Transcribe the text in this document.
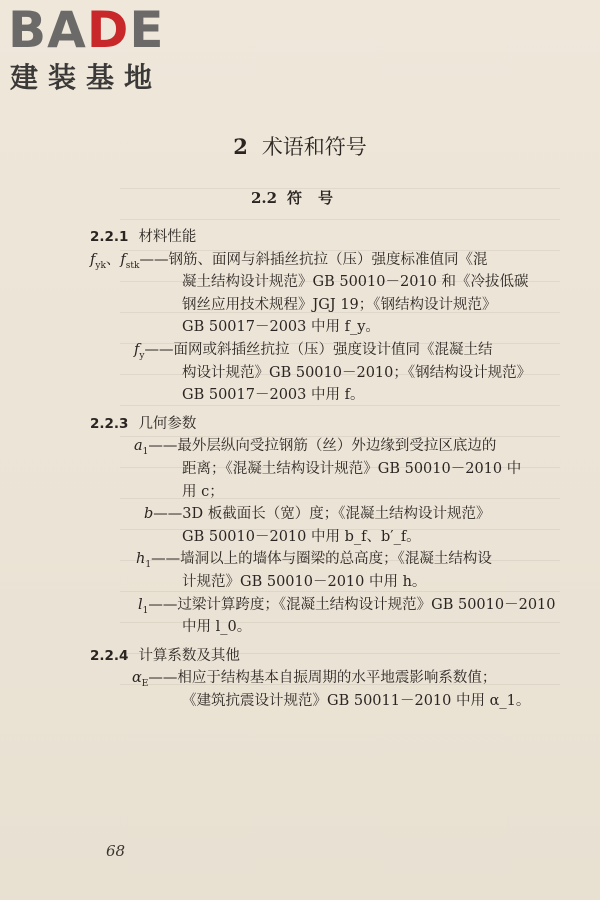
BADE
建装基地
2 术语和符号
2.2 符号
2.2.1 材料性能
$f_{yk}$、$f_{stk}——$钢筋、面网与斜插丝抗拉（压）强度标准值同《混
凝土结构设计规范》GB 50010－2010 和《冷拔低碳
钢丝应用技术规程》JGJ 19；《钢结构设计规范》
GB 50017－2003 中用 f_y。
$f_y——$面网或斜插丝抗拉（压）强度设计值同《混凝土结
构设计规范》GB 50010－2010；《钢结构设计规范》
GB 50017－2003 中用 f。
2.2.3 几何参数
$a_1——$最外层纵向受拉钢筋（丝）外边缘到受拉区底边的
距离；《混凝土结构设计规范》GB 50010－2010 中
用 c；
b——3D 板截面长（宽）度；《混凝土结构设计规范》
GB 50010－2010 中用 b_f、b′_f。
$h_1——$墙洞以上的墙体与圈梁的总高度；《混凝土结构设
计规范》GB 50010－2010 中用 h。
$l_1——$过梁计算跨度；《混凝土结构设计规范》GB 50010－2010
中用 l_0。
2.2.4 计算系数及其他
$\alpha_E——$相应于结构基本自振周期的水平地震影响系数值；
《建筑抗震设计规范》GB 50011－2010 中用 α_1。
68
